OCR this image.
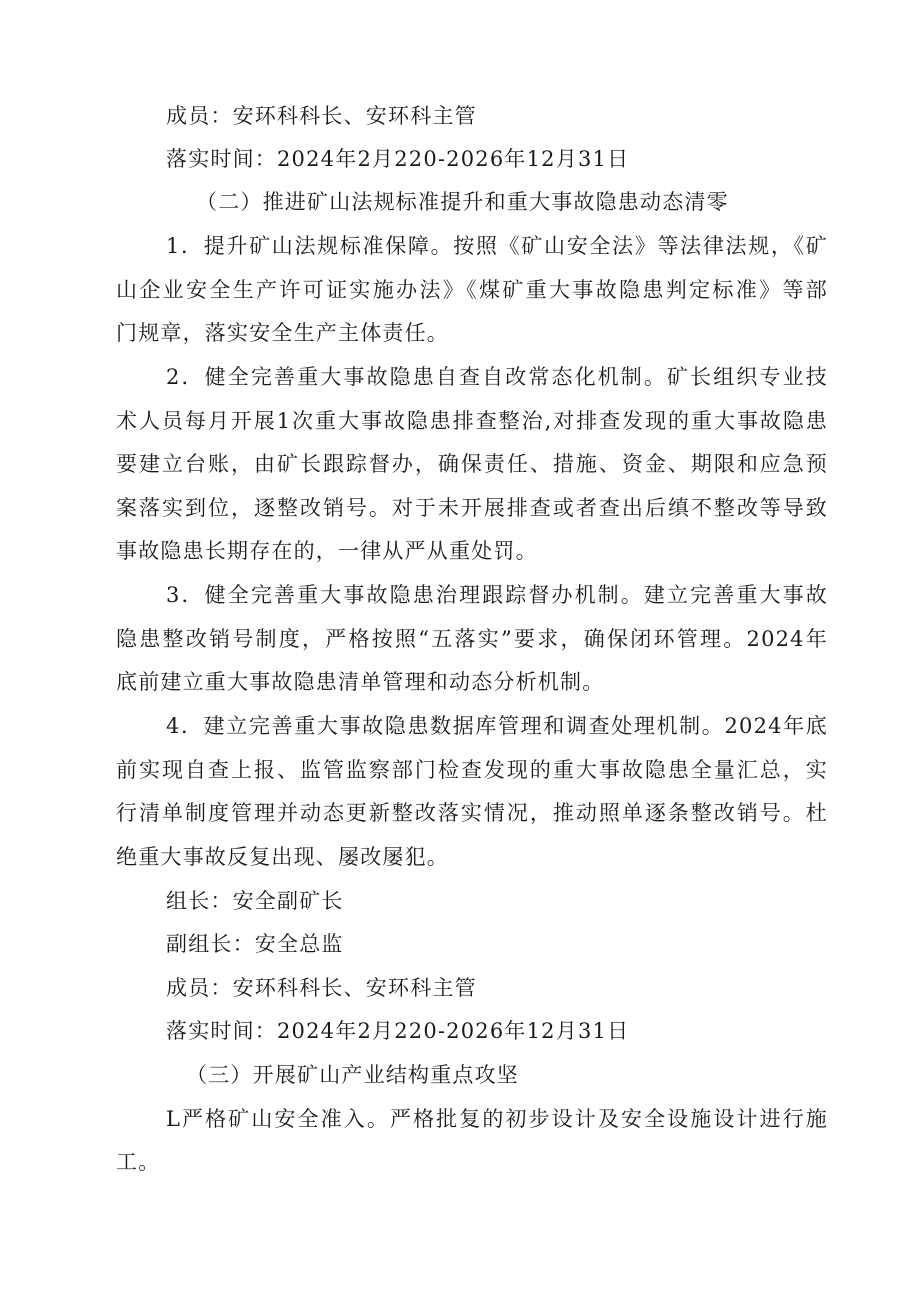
成员：安环科科长、安环科主管
落实时间：2024年2月220-2026年12月31日
（二）推进矿山法规标准提升和重大事故隐患动态清零
1．提升矿山法规标准保障。按照《矿山安全法》等法律法规，《矿
山企业安全生产许可证实施办法》《煤矿重大事故隐患判定标准》等部
门规章，落实安全生产主体责任。
2．健全完善重大事故隐患自查自改常态化机制。矿长组织专业技
术人员每月开展1次重大事故隐患排查整治,对排查发现的重大事故隐患
要建立台账，由矿长跟踪督办，确保责任、措施、资金、期限和应急预
案落实到位，逐整改销号。对于未开展排查或者查出后缜不整改等导致
事故隐患长期存在的，一律从严从重处罚。
3．健全完善重大事故隐患治理跟踪督办机制。建立完善重大事故
隐患整改销号制度，严格按照“五落实”要求，确保闭环管理。2024年
底前建立重大事故隐患清单管理和动态分析机制。
4．建立完善重大事故隐患数据库管理和调查处理机制。2024年底
前实现自查上报、监管监察部门检查发现的重大事故隐患全量汇总，实
行清单制度管理并动态更新整改落实情况，推动照单逐条整改销号。杜
绝重大事故反复出现、屡改屡犯。
组长：安全副矿长
副组长：安全总监
成员：安环科科长、安环科主管
落实时间：2024年2月220-2026年12月31日
（三）开展矿山产业结构重点攻坚
L严格矿山安全准入。严格批复的初步设计及安全设施设计进行施
工。
